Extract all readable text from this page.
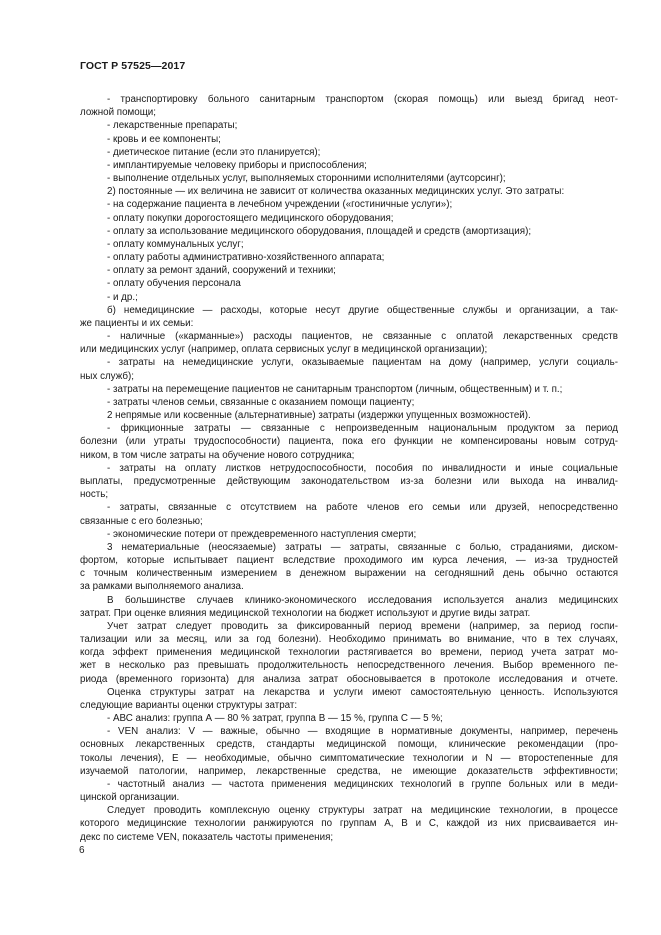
ГОСТ Р 57525—2017
- транспортировку больного санитарным транспортом (скорая помощь) или выезд бригад неот-
ложной помощи;
- лекарственные препараты;
- кровь и ее компоненты;
- диетическое питание (если это планируется);
- имплантируемые человеку приборы и приспособления;
- выполнение отдельных услуг, выполняемых сторонними исполнителями (аутсорсинг);
2) постоянные — их величина не зависит от количества оказанных медицинских услуг. Это затраты:
- на содержание пациента в лечебном учреждении («гостиничные услуги»);
- оплату покупки дорогостоящего медицинского оборудования;
- оплату за использование медицинского оборудования, площадей и средств (амортизация);
- оплату коммунальных услуг;
- оплату работы административно-хозяйственного аппарата;
- оплату за ремонт зданий, сооружений и техники;
- оплату обучения персонала
- и др.;
б) немедицинские — расходы, которые несут другие общественные службы и организации, а так-
же пациенты и их семьи:
- наличные («карманные») расходы пациентов, не связанные с оплатой лекарственных средств
или медицинских услуг (например, оплата сервисных услуг в медицинской организации);
- затраты на немедицинские услуги, оказываемые пациентам на дому (например, услуги социаль-
ных служб);
- затраты на перемещение пациентов не санитарным транспортом (личным, общественным) и т. п.;
- затраты членов семьи, связанные с оказанием помощи пациенту;
2 непрямые или косвенные (альтернативные) затраты (издержки упущенных возможностей).
- фрикционные затраты — связанные с непроизведенным национальным продуктом за период
болезни (или утраты трудоспособности) пациента, пока его функции не компенсированы новым сотруд-
ником, в том числе затраты на обучение нового сотрудника;
- затраты на оплату листков нетрудоспособности, пособия по инвалидности и иные социальные
выплаты, предусмотренные действующим законодательством из-за болезни или выхода на инвалид-
ность;
- затраты, связанные с отсутствием на работе членов его семьи или друзей, непосредственно
связанные с его болезнью;
- экономические потери от преждевременного наступления смерти;
3 нематериальные (неосязаемые) затраты — затраты, связанные с болью, страданиями, диском-
фортом, которые испытывает пациент вследствие проходимого им курса лечения, — из-за трудностей
с точным количественным измерением в денежном выражении на сегодняшний день обычно остаются
за рамками выполняемого анализа.
В большинстве случаев клинико-экономического исследования используется анализ медицинских
затрат. При оценке влияния медицинской технологии на бюджет используют и другие виды затрат.
Учет затрат следует проводить за фиксированный период времени (например, за период госпи-
тализации или за месяц, или за год болезни). Необходимо принимать во внимание, что в тех случаях,
когда эффект применения медицинской технологии растягивается во времени, период учета затрат мо-
жет в несколько раз превышать продолжительность непосредственного лечения. Выбор временного пе-
риода (временного горизонта) для анализа затрат обосновывается в протоколе исследования и отчете.
Оценка структуры затрат на лекарства и услуги имеют самостоятельную ценность. Используются
следующие варианты оценки структуры затрат:
- АВС анализ: группа А — 80 % затрат, группа В — 15 %, группа С — 5 %;
- VEN анализ: V — важные, обычно — входящие в нормативные документы, например, перечень
основных лекарственных средств, стандарты медицинской помощи, клинические рекомендации (про-
токолы лечения), Е — необходимые, обычно симптоматические технологии и N — второстепенные для
изучаемой патологии, например, лекарственные средства, не имеющие доказательств эффективности;
- частотный анализ — частота применения медицинских технологий в группе больных или в меди-
цинской организации.
Следует проводить комплексную оценку структуры затрат на медицинские технологии, в процессе
которого медицинские технологии ранжируются по группам А, В и С, каждой из них присваивается ин-
декс по системе VEN, показатель частоты применения;
6
